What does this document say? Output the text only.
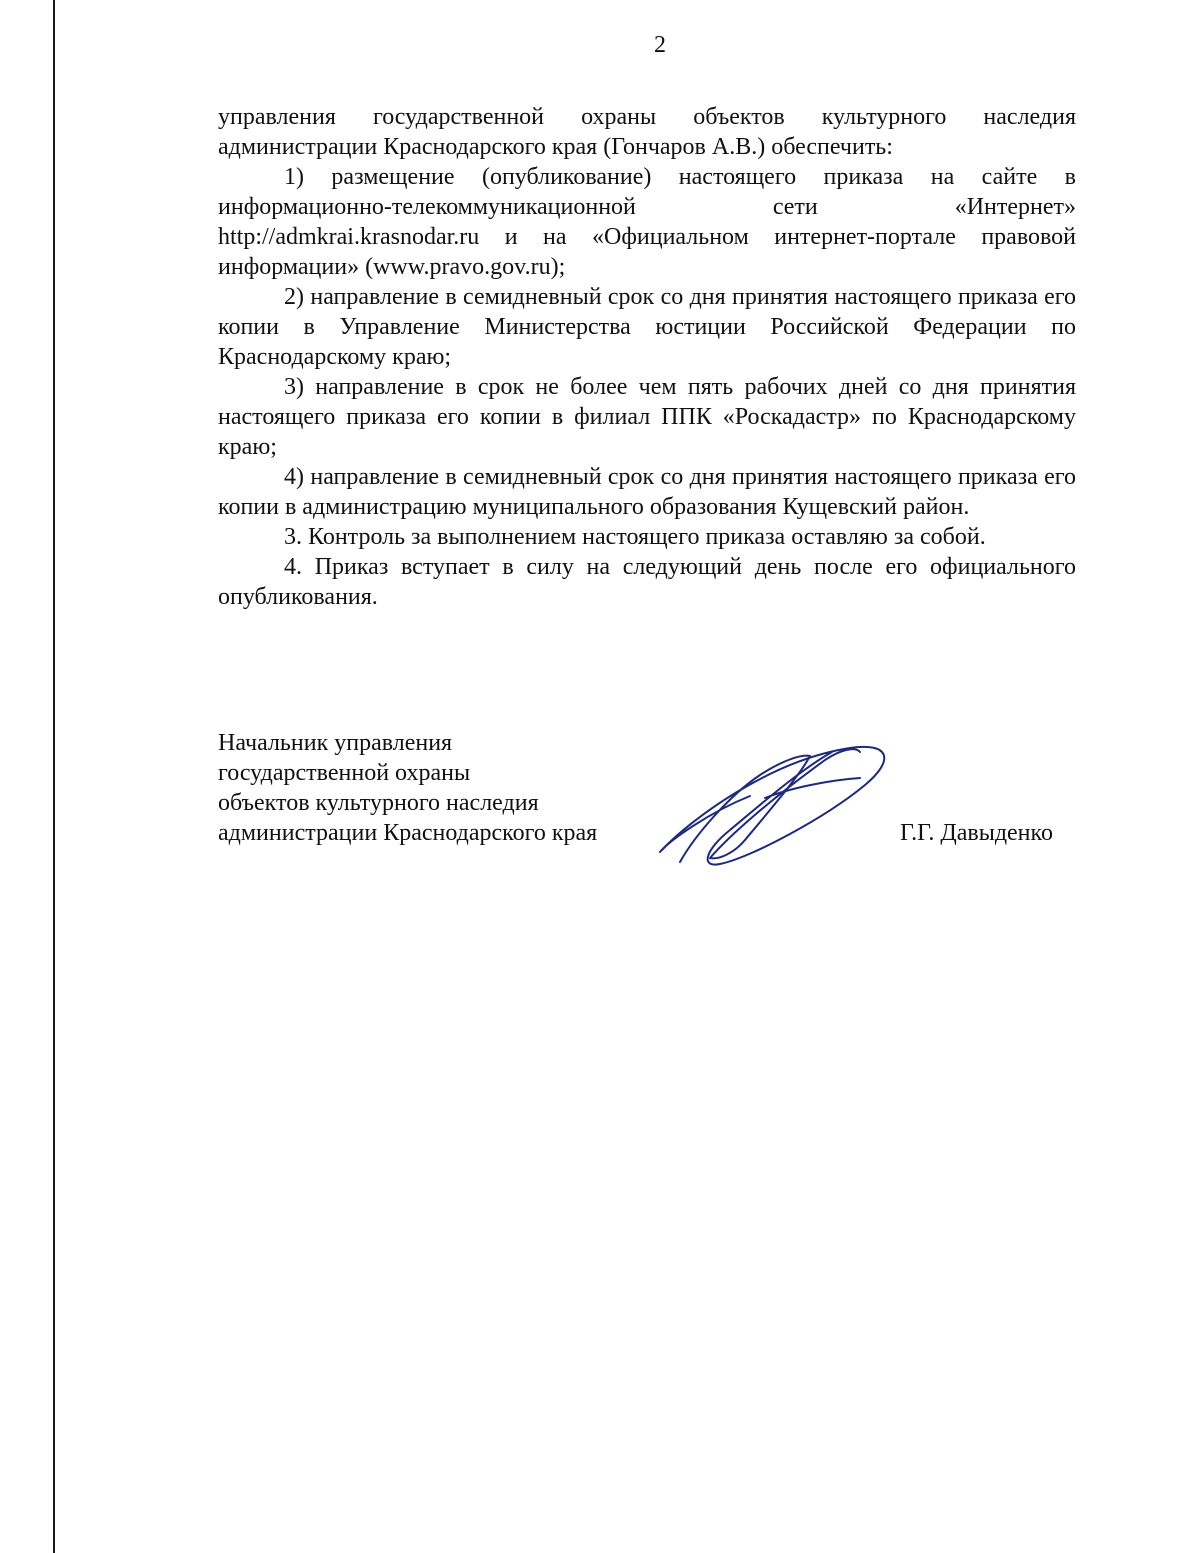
2

управления государственной охраны объектов культурного наследия администрации Краснодарского края (Гончаров А.В.) обеспечить:

1) размещение (опубликование) настоящего приказа на сайте в информационно-телекоммуникационной сети «Интернет» http://admkrai.krasnodar.ru и на «Официальном интернет-портале правовой информации» (www.pravo.gov.ru);

2) направление в семидневный срок со дня принятия настоящего приказа его копии в Управление Министерства юстиции Российской Федерации по Краснодарскому краю;

3) направление в срок не более чем пять рабочих дней со дня принятия настоящего приказа его копии в филиал ППК «Роскадастр» по Краснодарскому краю;

4) направление в семидневный срок со дня принятия настоящего приказа его копии в администрацию муниципального образования Кущевский район.

3. Контроль за выполнением настоящего приказа оставляю за собой.

4. Приказ вступает в силу на следующий день после его официального опубликования.

Начальник управления
государственной охраны
объектов культурного наследия
администрации Краснодарского края	Г.Г. Давыденко
